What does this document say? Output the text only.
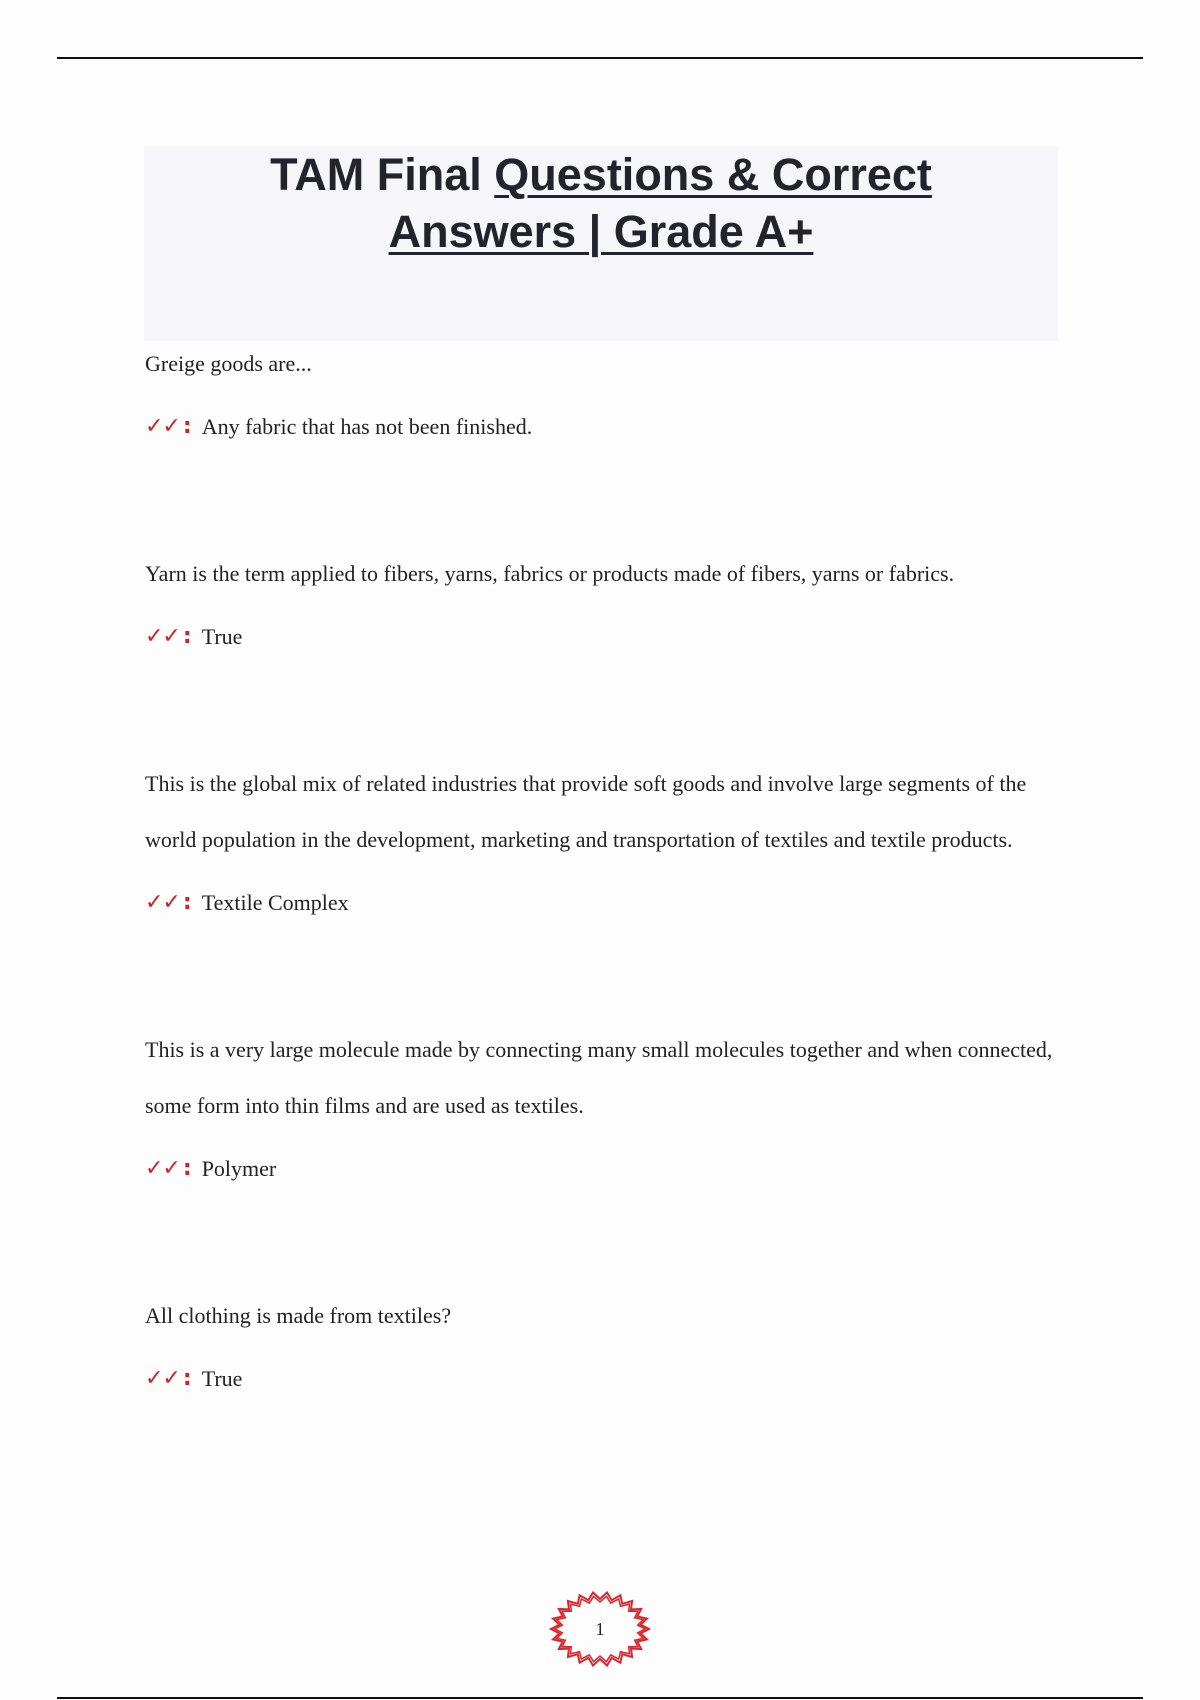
TAM Final Questions & Correct
Answers | Grade A+

Greige goods are...

✓✓ : Any fabric that has not been finished.

Yarn is the term applied to fibers, yarns, fabrics or products made of fibers, yarns or fabrics.

✓✓ : True

This is the global mix of related industries that provide soft goods and involve large segments of the world population in the development, marketing and transportation of textiles and textile products.

✓✓ : Textile Complex

This is a very large molecule made by connecting many small molecules together and when connected, some form into thin films and are used as textiles.

✓✓ : Polymer

All clothing is made from textiles?

✓✓ : True
1
